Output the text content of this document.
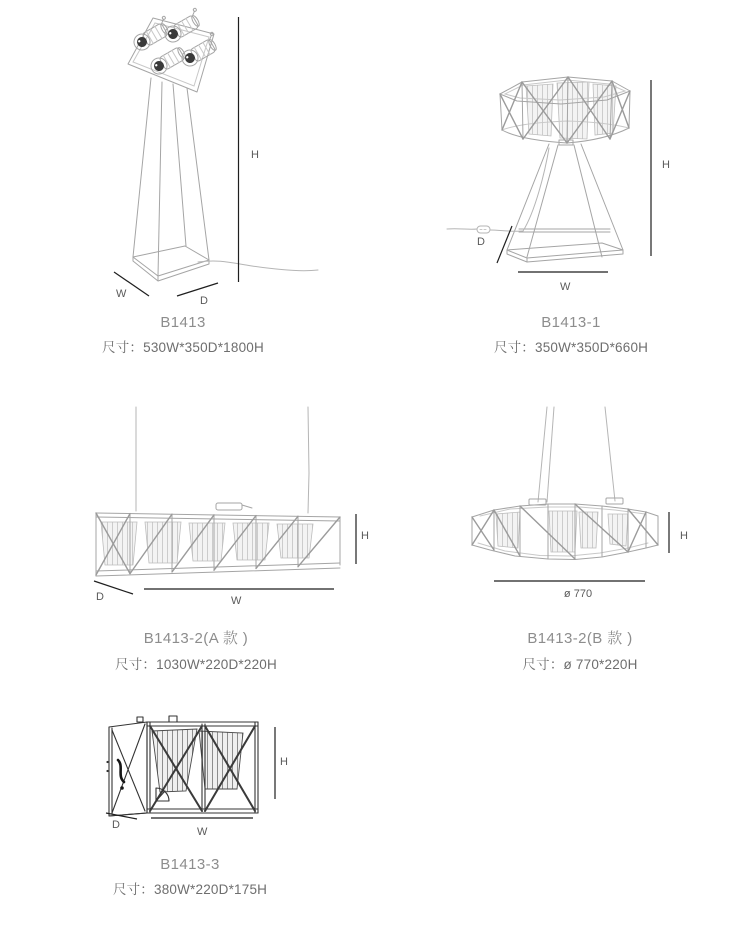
H
W
D
B1413
尺寸：530W*350D*1800H
H
W
D
B1413-1
尺寸：350W*350D*660H
H
W
D
B1413-2(A 款 )
尺寸：1030W*220D*220H
H
ø 770
B1413-2(B 款 )
尺寸：ø 770*220H
H
W
D
B1413-3
尺寸：380W*220D*175H
